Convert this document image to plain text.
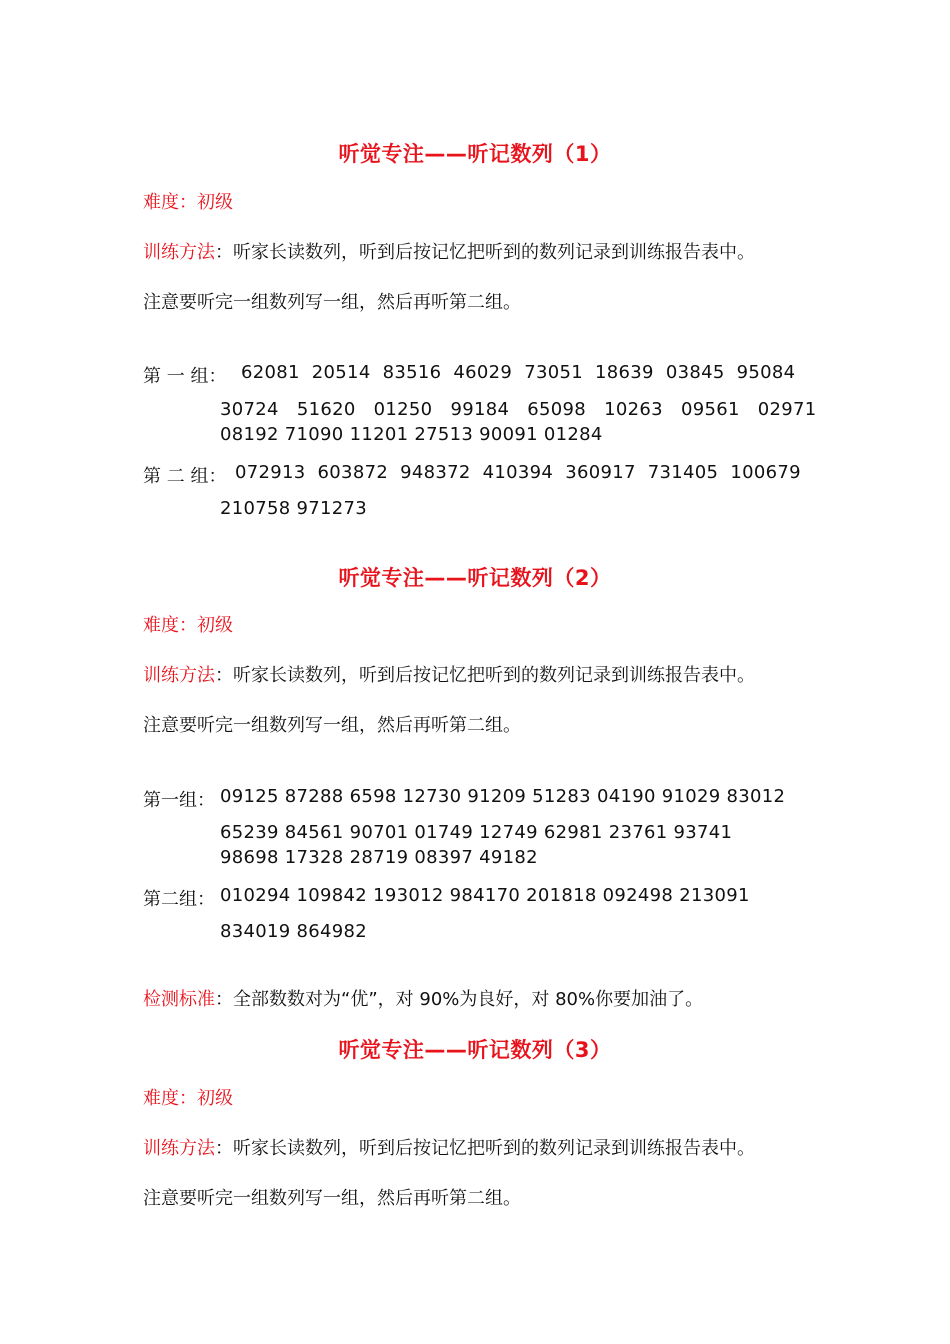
听觉专注——听记数列（1）
难度：初级
训练方法：听家长读数列，听到后按记忆把听到的数列记录到训练报告表中。
注意要听完一组数列写一组，然后再听第二组。
第 一 组： 62081  20514  83516  46029  73051  18639  03845  95084
30724   51620   01250   99184   65098   10263   09561   02971
08192 71090 11201 27513 90091 01284
第 二 组： 072913  603872  948372  410394  360917  731405  100679
210758 971273
听觉专注——听记数列（2）
难度：初级
训练方法：听家长读数列，听到后按记忆把听到的数列记录到训练报告表中。
注意要听完一组数列写一组，然后再听第二组。
第一组： 09125 87288 6598 12730 91209 51283 04190 91029 83012
65239 84561 90701 01749 12749 62981 23761 93741
98698 17328 28719 08397 49182
第二组： 010294 109842 193012 984170 201818 092498 213091
834019 864982
检测标准：全部数数对为“优”，对 90%为良好，对 80%你要加油了。
听觉专注——听记数列（3）
难度：初级
训练方法：听家长读数列，听到后按记忆把听到的数列记录到训练报告表中。
注意要听完一组数列写一组，然后再听第二组。
